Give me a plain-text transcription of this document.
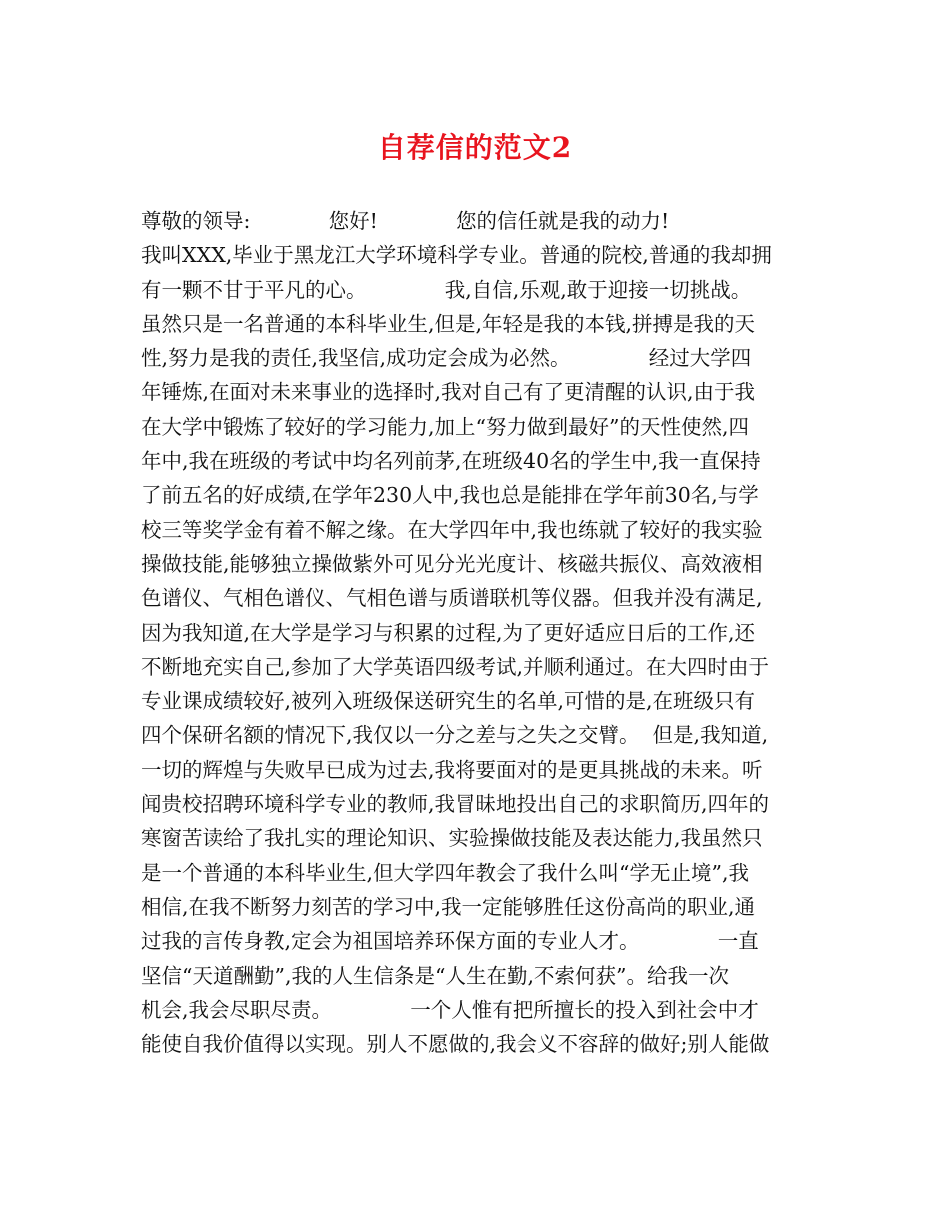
自荐信的范文2
尊敬的领导:            您好!            您的信任就是我的动力!
我叫XXX,毕业于黑龙江大学环境科学专业。普通的院校,普通的我却拥
有一颗不甘于平凡的心。            我,自信,乐观,敢于迎接一切挑战。
虽然只是一名普通的本科毕业生,但是,年轻是我的本钱,拼搏是我的天
性,努力是我的责任,我坚信,成功定会成为必然。            经过大学四
年锤炼,在面对未来事业的选择时,我对自己有了更清醒的认识,由于我
在大学中锻炼了较好的学习能力,加上“努力做到最好”的天性使然,四
年中,我在班级的考试中均名列前茅,在班级40名的学生中,我一直保持
了前五名的好成绩,在学年230人中,我也总是能排在学年前30名,与学
校三等奖学金有着不解之缘。在大学四年中,我也练就了较好的我实验
操做技能,能够独立操做紫外可见分光光度计、核磁共振仪、高效液相
色谱仪、气相色谱仪、气相色谱与质谱联机等仪器。但我并没有满足,
因为我知道,在大学是学习与积累的过程,为了更好适应日后的工作,还
不断地充实自己,参加了大学英语四级考试,并顺利通过。在大四时由于
专业课成绩较好,被列入班级保送研究生的名单,可惜的是,在班级只有
四个保研名额的情况下,我仅以一分之差与之失之交臂。  但是,我知道,
一切的辉煌与失败早已成为过去,我将要面对的是更具挑战的未来。听
闻贵校招聘环境科学专业的教师,我冒昧地投出自己的求职简历,四年的
寒窗苦读给了我扎实的理论知识、实验操做技能及表达能力,我虽然只
是一个普通的本科毕业生,但大学四年教会了我什么叫“学无止境”,我
相信,在我不断努力刻苦的学习中,我一定能够胜任这份高尚的职业,通
过我的言传身教,定会为祖国培养环保方面的专业人才。            一直
坚信“天道酬勤”,我的人生信条是“人生在勤,不索何获”。给我一次
机会,我会尽职尽责。            一个人惟有把所擅长的投入到社会中才
能使自我价值得以实现。别人不愿做的,我会义不容辞的做好;别人能做
